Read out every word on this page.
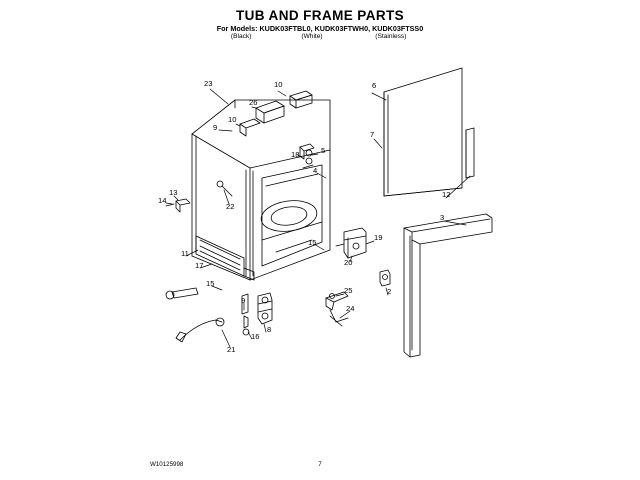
TUB AND FRAME PARTS
For Models: KUDK03FTBL0, KUDK03FTWH0, KUDK03FTSS0
(Black)	(White)	(Stainless)
23	10	6
26
9
10
7
18	5
4
12
13
14
22
3
15
19
20
11
17
15
2
25
24
9
8
16
21
W10125998	7
